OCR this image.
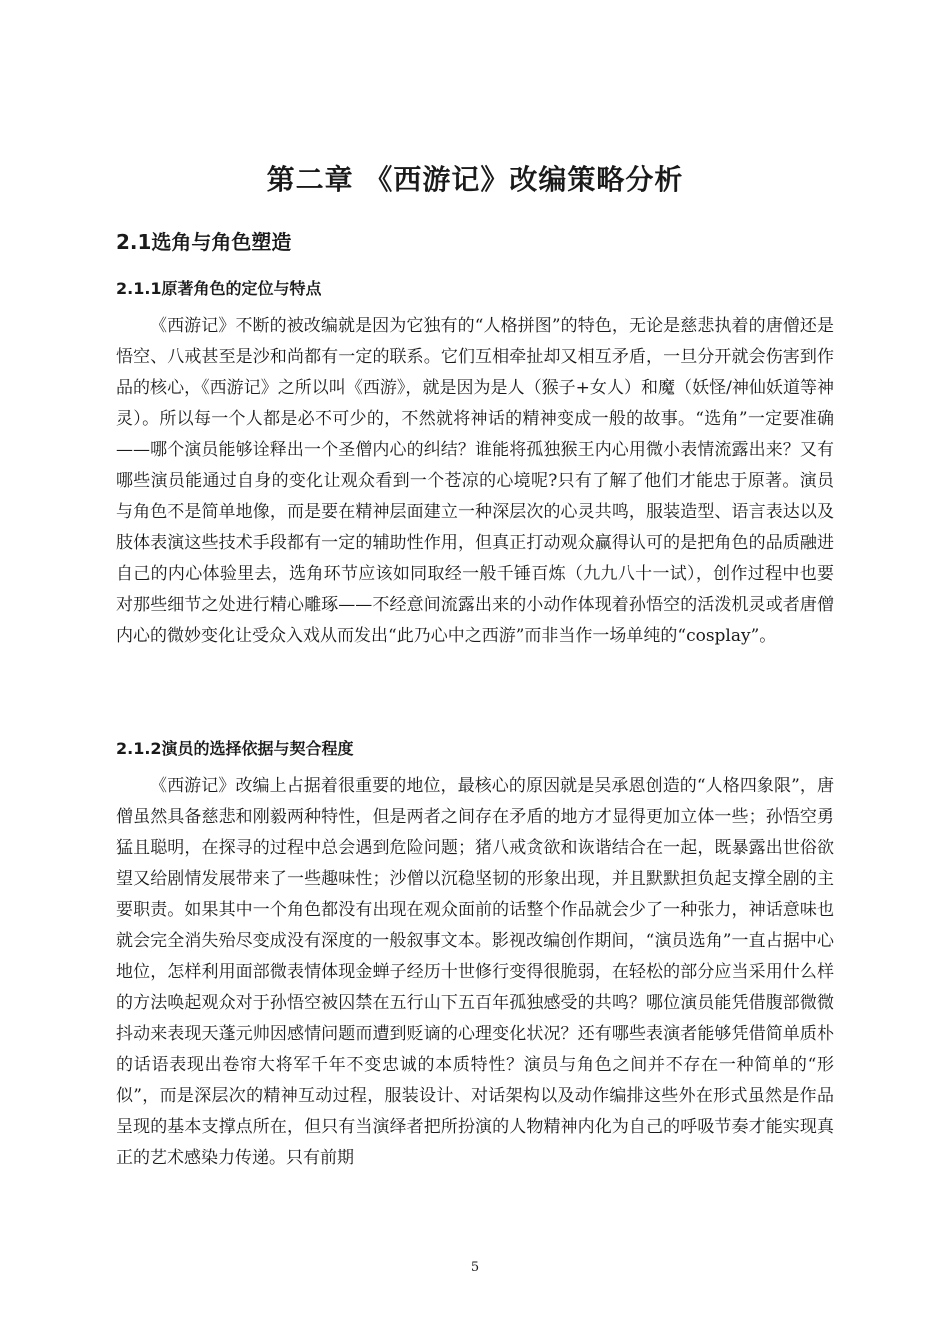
第二章 《西游记》改编策略分析
2.1选角与角色塑造
2.1.1原著角色的定位与特点

《西游记》不断的被改编就是因为它独有的“人格拼图”的特色，无论是慈悲执着的唐僧还是悟空、八戒甚至是沙和尚都有一定的联系。它们互相牵扯却又相互矛盾，一旦分开就会伤害到作品的核心，《西游记》之所以叫《西游》，就是因为是人（猴子+女人）和魔（妖怪/神仙妖道等神灵）。所以每一个人都是必不可少的，不然就将神话的精神变成一般的故事。“选角”一定要准确——哪个演员能够诠释出一个圣僧内心的纠结？谁能将孤独猴王内心用微小表情流露出来？又有哪些演员能通过自身的变化让观众看到一个苍凉的心境呢?只有了解了他们才能忠于原著。演员与角色不是简单地像，而是要在精神层面建立一种深层次的心灵共鸣，服装造型、语言表达以及肢体表演这些技术手段都有一定的辅助性作用，但真正打动观众赢得认可的是把角色的品质融进自己的内心体验里去，选角环节应该如同取经一般千锤百炼（九九八十一试），创作过程中也要对那些细节之处进行精心雕琢——不经意间流露出来的小动作体现着孙悟空的活泼机灵或者唐僧内心的微妙变化让受众入戏从而发出“此乃心中之西游”而非当作一场单纯的“cosplay”。

2.1.2演员的选择依据与契合程度

《西游记》改编上占据着很重要的地位，最核心的原因就是吴承恩创造的“人格四象限”，唐僧虽然具备慈悲和刚毅两种特性，但是两者之间存在矛盾的地方才显得更加立体一些；孙悟空勇猛且聪明，在探寻的过程中总会遇到危险问题；猪八戒贪欲和诙谐结合在一起，既暴露出世俗欲望又给剧情发展带来了一些趣味性；沙僧以沉稳坚韧的形象出现，并且默默担负起支撑全剧的主要职责。如果其中一个角色都没有出现在观众面前的话整个作品就会少了一种张力，神话意味也就会完全消失殆尽变成没有深度的一般叙事文本。影视改编创作期间，“演员选角”一直占据中心地位，怎样利用面部微表情体现金蝉子经历十世修行变得很脆弱，在轻松的部分应当采用什么样的方法唤起观众对于孙悟空被囚禁在五行山下五百年孤独感受的共鸣？哪位演员能凭借腹部微微抖动来表现天蓬元帅因感情问题而遭到贬谪的心理变化状况？还有哪些表演者能够凭借简单质朴的话语表现出卷帘大将军千年不变忠诚的本质特性？演员与角色之间并不存在一种简单的“形似”，而是深层次的精神互动过程，服装设计、对话架构以及动作编排这些外在形式虽然是作品呈现的基本支撑点所在，但只有当演绎者把所扮演的人物精神内化为自己的呼吸节奏才能实现真正的艺术感染力传递。只有前期

5
